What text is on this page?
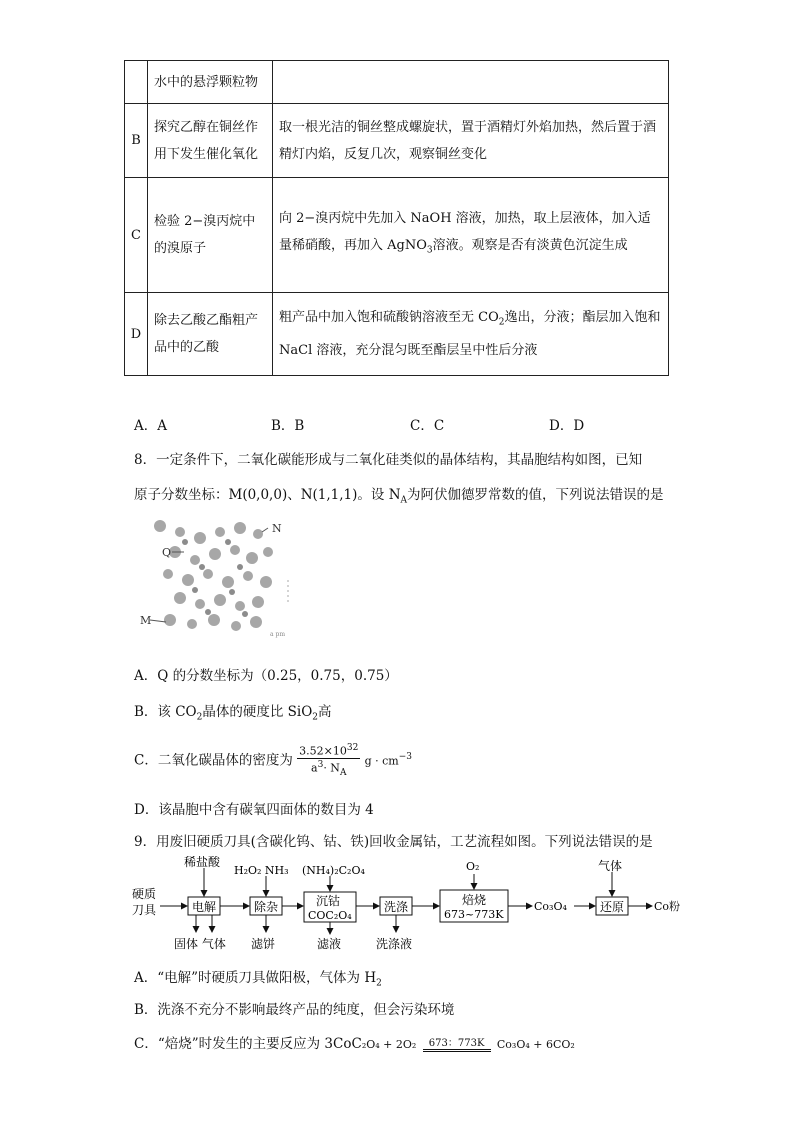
	水中的悬浮颗粒物	
B	探究乙醇在铜丝作用下发生催化氧化	取一根光洁的铜丝整成螺旋状，置于酒精灯外焰加热，然后置于酒精灯内焰，反复几次，观察铜丝变化
C	检验 2−溴丙烷中的溴原子	向 2−溴丙烷中先加入 NaOH 溶液，加热，取上层液体，加入适量稀硝酸，再加入 AgNO$_3$溶液。观察是否有淡黄色沉淀生成
D	除去乙酸乙酯粗产品中的乙酸	粗产品中加入饱和硫酸钠溶液至无 $CO_2$逸出，分液；酯层加入饱和 NaCl 溶液，充分混匀既至酯层呈中性后分液
A．A	B．B	C．C	D．D
8．一定条件下，二氧化碳能形成与二氧化硅类似的晶体结构，其晶胞结构如图，已知
原子分数坐标：M(0,0,0)、N(1,1,1)。设 $N_A$为阿伏伽德罗常数的值，下列说法错误的是
Q
N
M
a pm
A．Q 的分数坐标为（0.25，0.75，0.75）
B．该 $CO_2$晶体的硬度比 SiO$_2$高
C．二氧化碳晶体的密度为 $\frac{3.52\times 10^{32}}{a^3\cdot N_A}$ $g \cdot cm^{-3}$
D．该晶胞中含有碳氧四面体的数目为 4
9．用废旧硬质刀具(含碳化钨、钴、铁)回收金属钴，工艺流程如图。下列说法错误的是
硬质
刀具	电解
稀盐酸
固体 气体
除杂
H₂O₂ NH₃
滤饼
沉钴
COC₂O₄
(NH₄)₂C₂O₄
滤液
洗涤
洗涤液
焙烧
673~773K
O₂
Co₃O₄	还原
气体
Co粉
A．“电解”时硬质刀具做阳极，气体为 $H_2$
B．洗涤不充分不影响最终产品的纯度，但会污染环境
C．“焙烧”时发生的主要反应为 3CoC₂O₄ + 2O₂	673：773K	Co₃O₄ + 6CO₂
